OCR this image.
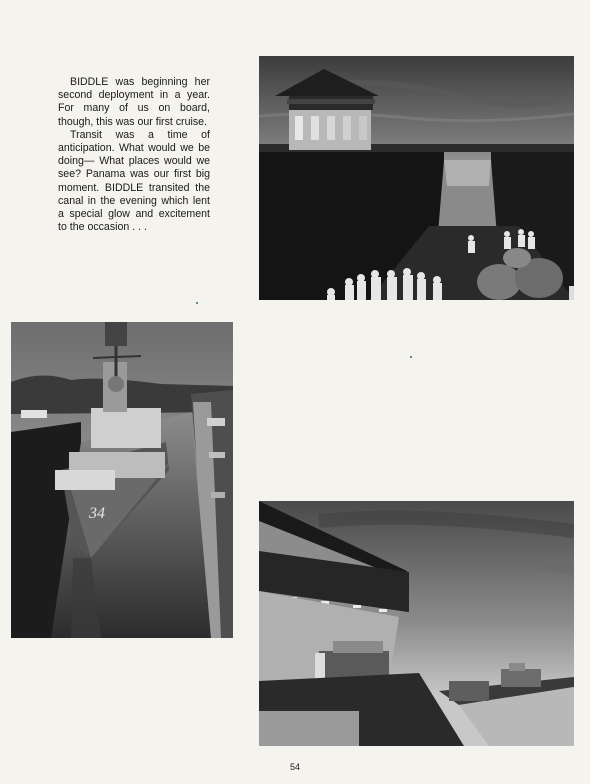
BIDDLE was beginning her second deployment in a year. For many of us on board, though, this was our first cruise.

Transit was a time of anticipation. What would we be doing— What places would we see? Panama was our first big moment. BIDDLE transited the canal in the evening which lent a special glow and excitement to the occasion . . .

34
54
